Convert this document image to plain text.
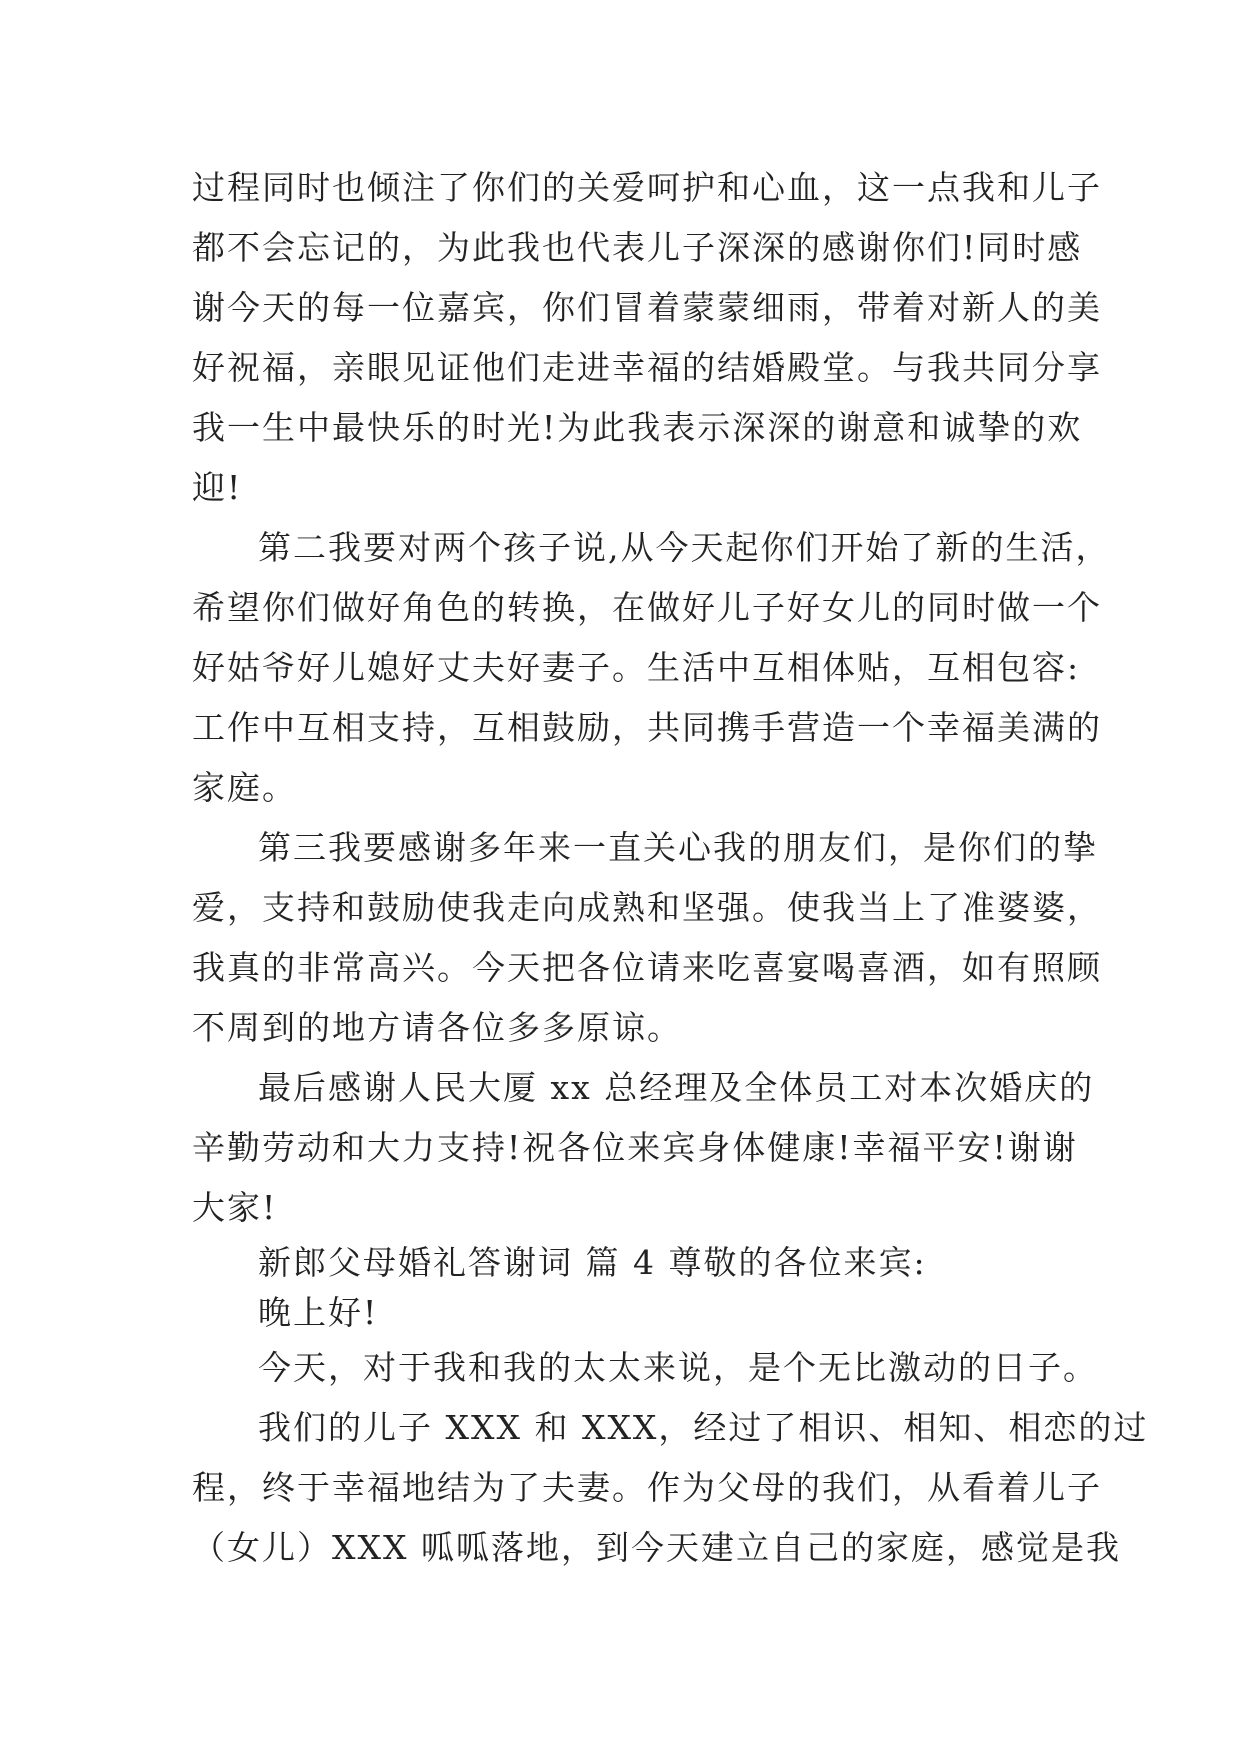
过程同时也倾注了你们的关爱呵护和心血，这一点我和儿子
都不会忘记的，为此我也代表儿子深深的感谢你们!同时感
谢今天的每一位嘉宾，你们冒着蒙蒙细雨，带着对新人的美
好祝福，亲眼见证他们走进幸福的结婚殿堂。与我共同分享
我一生中最快乐的时光!为此我表示深深的谢意和诚挚的欢
迎!
第二我要对两个孩子说,从今天起你们开始了新的生活，
希望你们做好角色的转换，在做好儿子好女儿的同时做一个
好姑爷好儿媳好丈夫好妻子。生活中互相体贴，互相包容:
工作中互相支持，互相鼓励，共同携手营造一个幸福美满的
家庭。
第三我要感谢多年来一直关心我的朋友们，是你们的挚
爱，支持和鼓励使我走向成熟和坚强。使我当上了准婆婆，
我真的非常高兴。今天把各位请来吃喜宴喝喜酒，如有照顾
不周到的地方请各位多多原谅。
最后感谢人民大厦 xx 总经理及全体员工对本次婚庆的
辛勤劳动和大力支持!祝各位来宾身体健康!幸福平安!谢谢
大家!
新郎父母婚礼答谢词 篇 4 尊敬的各位来宾:
晚上好!
今天，对于我和我的太太来说，是个无比激动的日子。
我们的儿子 XXX 和 XXX，经过了相识、相知、相恋的过
程，终于幸福地结为了夫妻。作为父母的我们，从看着儿子
（女儿）XXX 呱呱落地，到今天建立自己的家庭，感觉是我
